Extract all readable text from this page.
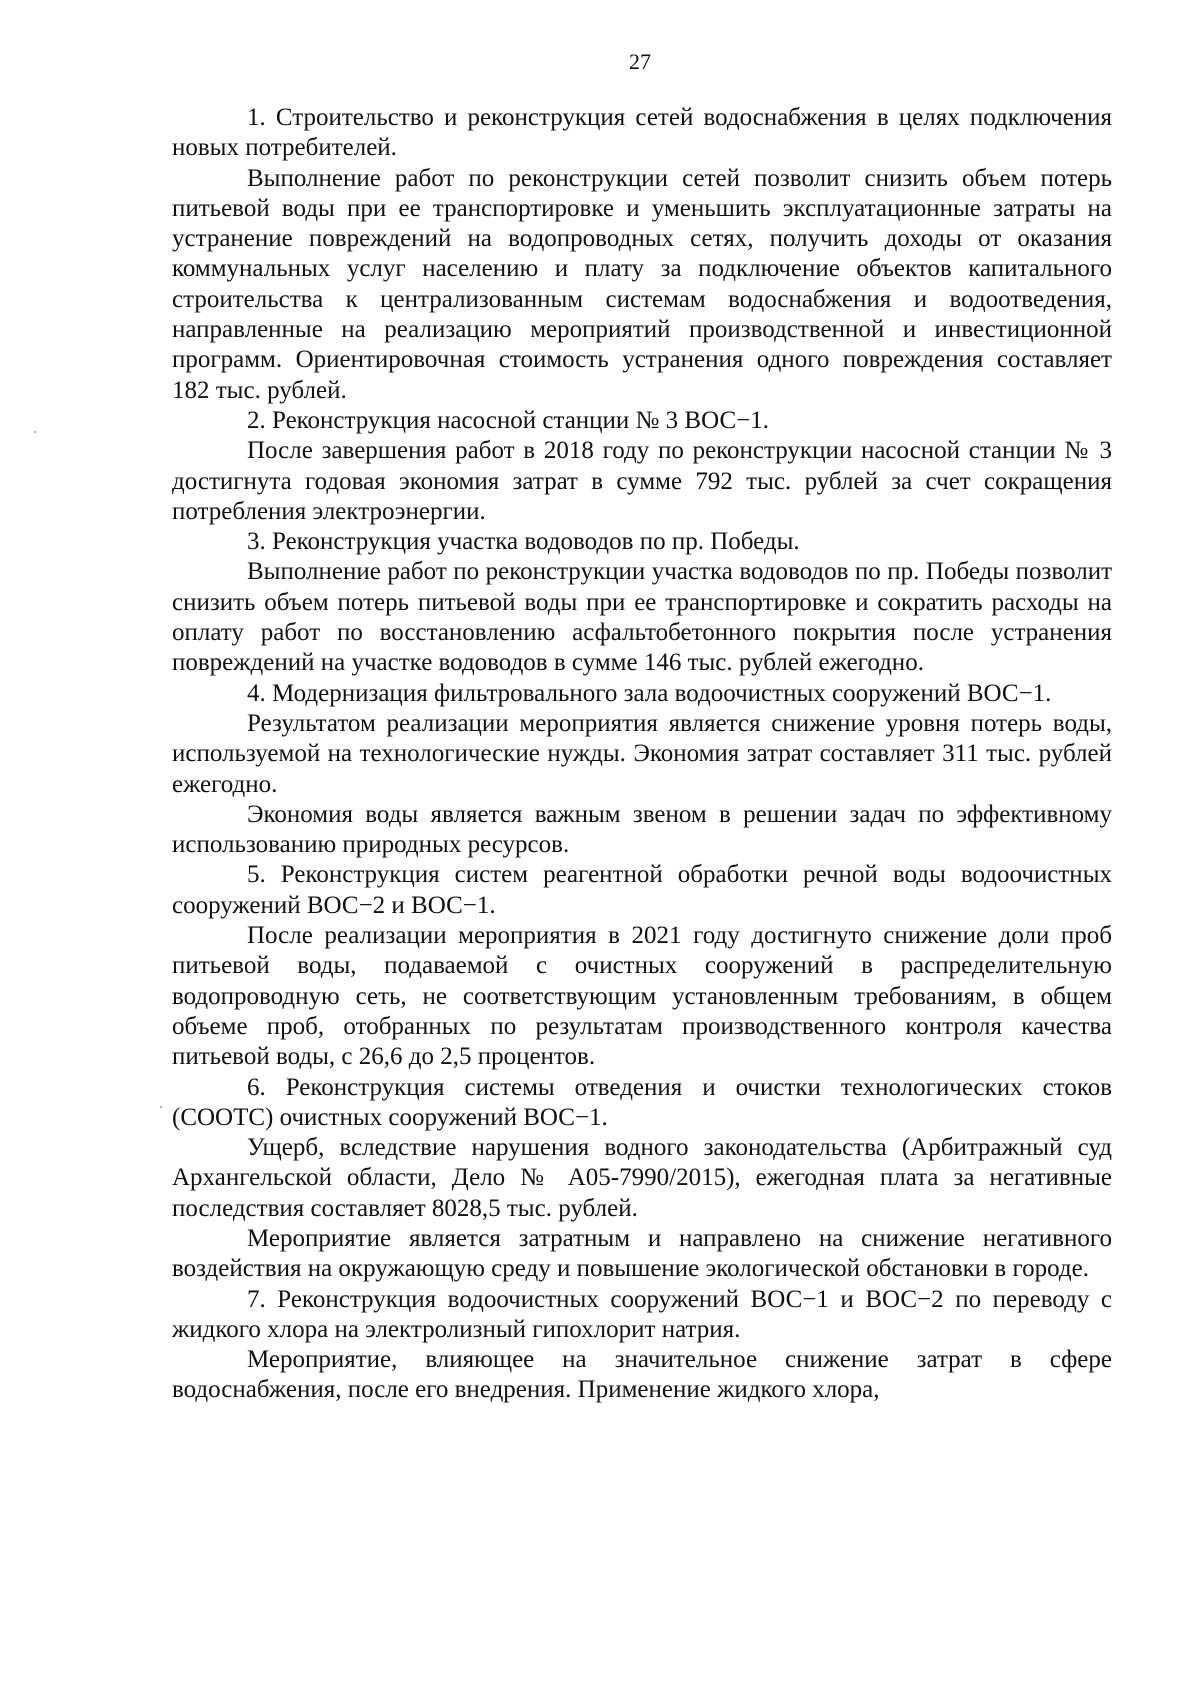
27

1. Строительство и реконструкция сетей водоснабжения в целях подключения новых потребителей.

Выполнение работ по реконструкции сетей позволит снизить объем потерь питьевой воды при ее транспортировке и уменьшить эксплуатационные затраты на устранение повреждений на водопроводных сетях, получить доходы от оказания коммунальных услуг населению и плату за подключение объектов капитального строительства к централизованным системам водоснабжения и водоотведения, направленные на реализацию мероприятий производственной и инвестиционной программ. Ориентировочная стоимость устранения одного повреждения составляет 182 тыс. рублей.

2. Реконструкция насосной станции № 3 ВОС−1.

После завершения работ в 2018 году по реконструкции насосной станции № 3 достигнута годовая экономия затрат в сумме 792 тыс. рублей за счет сокращения потребления электроэнергии.

3. Реконструкция участка водоводов по пр. Победы.

Выполнение работ по реконструкции участка водоводов по пр. Победы позволит снизить объем потерь питьевой воды при ее транспортировке и сократить расходы на оплату работ по восстановлению асфальтобетонного покрытия после устранения повреждений на участке водоводов в сумме 146 тыс. рублей ежегодно.

4. Модернизация фильтровального зала водоочистных сооружений ВОС−1.

Результатом реализации мероприятия является снижение уровня потерь воды, используемой на технологические нужды. Экономия затрат составляет 311 тыс. рублей ежегодно.

Экономия воды является важным звеном в решении задач по эффективному использованию природных ресурсов.

5. Реконструкция систем реагентной обработки речной воды водоочистных сооружений ВОС−2 и ВОС−1.

После реализации мероприятия в 2021 году достигнуто снижение доли проб питьевой воды, подаваемой с очистных сооружений в распределительную водопроводную сеть, не соответствующим установленным требованиям, в общем объеме проб, отобранных по результатам производственного контроля качества питьевой воды, с 26,6 до 2,5 процентов.

6. Реконструкция системы отведения и очистки технологических стоков (СООТС) очистных сооружений ВОС−1.

Ущерб, вследствие нарушения водного законодательства (Арбитражный суд Архангельской области, Дело № А05-7990/2015), ежегодная плата за негативные последствия составляет 8028,5 тыс. рублей.

Мероприятие является затратным и направлено на снижение негативного воздействия на окружающую среду и повышение экологической обстановки в городе.

7. Реконструкция водоочистных сооружений ВОС−1 и ВОС−2 по переводу с жидкого хлора на электролизный гипохлорит натрия.

Мероприятие, влияющее на значительное снижение затрат в сфере водоснабжения, после его внедрения. Применение жидкого хлора,
